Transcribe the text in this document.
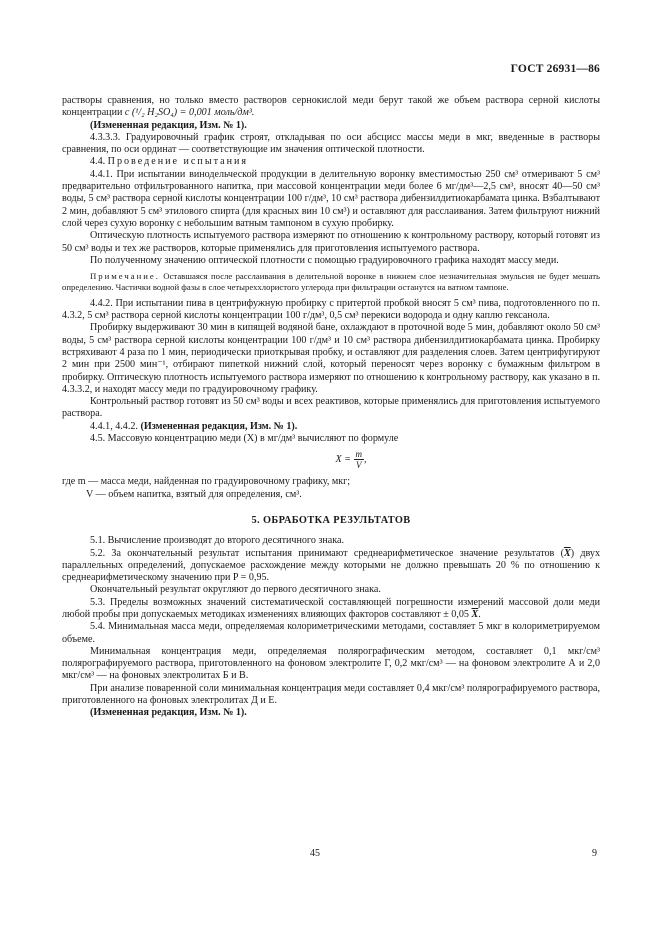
ГОСТ 26931—86

растворы сравнения, но только вместо растворов сернокислой меди берут такой же объем раствора серной кислоты концентрации c (¹/₂ H₂SO₄) = 0,001 моль/дм³.

(Измененная редакция, Изм. № 1).

4.3.3.3. Градуировочный график строят, откладывая по оси абсцисс массы меди в мкг, введенные в растворы сравнения, по оси ординат — соответствующие им значения оптической плотности.

4.4. Проведение испытания

4.4.1. При испытании винодельческой продукции в делительную воронку вместимостью 250 см³ отмеривают 5 см³ предварительно отфильтрованного напитка, при массовой концентрации меди более 6 мг/дм³—2,5 см³, вносят 40—50 см³ воды, 5 см³ раствора серной кислоты концентрации 100 г/дм³, 10 см³ раствора дибензилдитиокарбамата цинка. Взбалтывают 2 мин, добавляют 5 см³ этилового спирта (для красных вин 10 см³) и оставляют для расслаивания. Затем фильтруют нижний слой через сухую воронку с небольшим ватным тампоном в сухую пробирку.

Оптическую плотность испытуемого раствора измеряют по отношению к контрольному раствору, который готовят из 50 см³ воды и тех же растворов, которые применялись для приготовления испытуемого раствора.

По полученному значению оптической плотности с помощью градуировочного графика находят массу меди.

Примечание. Оставшаяся после расслаивания в делительной воронке в нижнем слое незначительная эмульсия не будет мешать определению. Частички водной фазы в слое четыреххлористого углерода при фильтрации останутся на ватном тампоне.

4.4.2. При испытании пива в центрифужную пробирку с притертой пробкой вносят 5 см³ пива, подготовленного по п. 4.3.2, 5 см³ раствора серной кислоты концентрации 100 г/дм³, 0,5 см³ перекиси водорода и одну каплю гексанола.

Пробирку выдерживают 30 мин в кипящей водяной бане, охлаждают в проточной воде 5 мин, добавляют около 50 см³ воды, 5 см³ раствора серной кислоты концентрации 100 г/дм³ и 10 см³ раствора дибензилдитиокарбамата цинка. Пробирку встряхивают 4 раза по 1 мин, периодически приоткрывая пробку, и оставляют для разделения слоев. Затем центрифугируют 2 мин при 2500 мин⁻¹, отбирают пипеткой нижний слой, который переносят через воронку с бумажным фильтром в пробирку. Оптическую плотность испытуемого раствора измеряют по отношению к контрольному раствору, как указано в п. 4.3.3.2, и находят массу меди по градуировочному графику.

Контрольный раствор готовят из 50 см³ воды и всех реактивов, которые применялись для приготовления испытуемого раствора.

4.4.1, 4.4.2. (Измененная редакция, Изм. № 1).

4.5. Массовую концентрацию меди (X) в мг/дм³ вычисляют по формуле

$X = \frac{m}{V}$ ,

где m — масса меди, найденная по градуировочному графику, мкг;

V — объем напитка, взятый для определения, см³.

5. ОБРАБОТКА РЕЗУЛЬТАТОВ

5.1. Вычисление производят до второго десятичного знака.

5.2. За окончательный результат испытания принимают среднеарифметическое значение результатов $(\overline{X})$ двух параллельных определений, допускаемое расхождение между которыми не должно превышать 20 % по отношению к среднеарифметическому значению при P = 0,95.

Окончательный результат округляют до первого десятичного знака.

5.3. Пределы возможных значений систематической составляющей погрешности измерений массовой доли меди любой пробы при допускаемых методиках изменениях влияющих факторов составляют ± 0,05 $\overline{X}$.

5.4. Минимальная масса меди, определяемая колориметрическими методами, составляет 5 мкг в колориметрируемом объеме.

Минимальная концентрация меди, определяемая полярографическим методом, составляет 0,1 мкг/см³ полярографируемого раствора, приготовленного на фоновом электролите Г, 0,2 мкг/см³ — на фоновом электролите А и 2,0 мкг/см³ — на фоновых электролитах Б и В.

При анализе поваренной соли минимальная концентрация меди составляет 0,4 мкг/см³ полярографируемого раствора, приготовленного на фоновых электролитах Д и Е.

(Измененная редакция, Изм. № 1).

45	9
